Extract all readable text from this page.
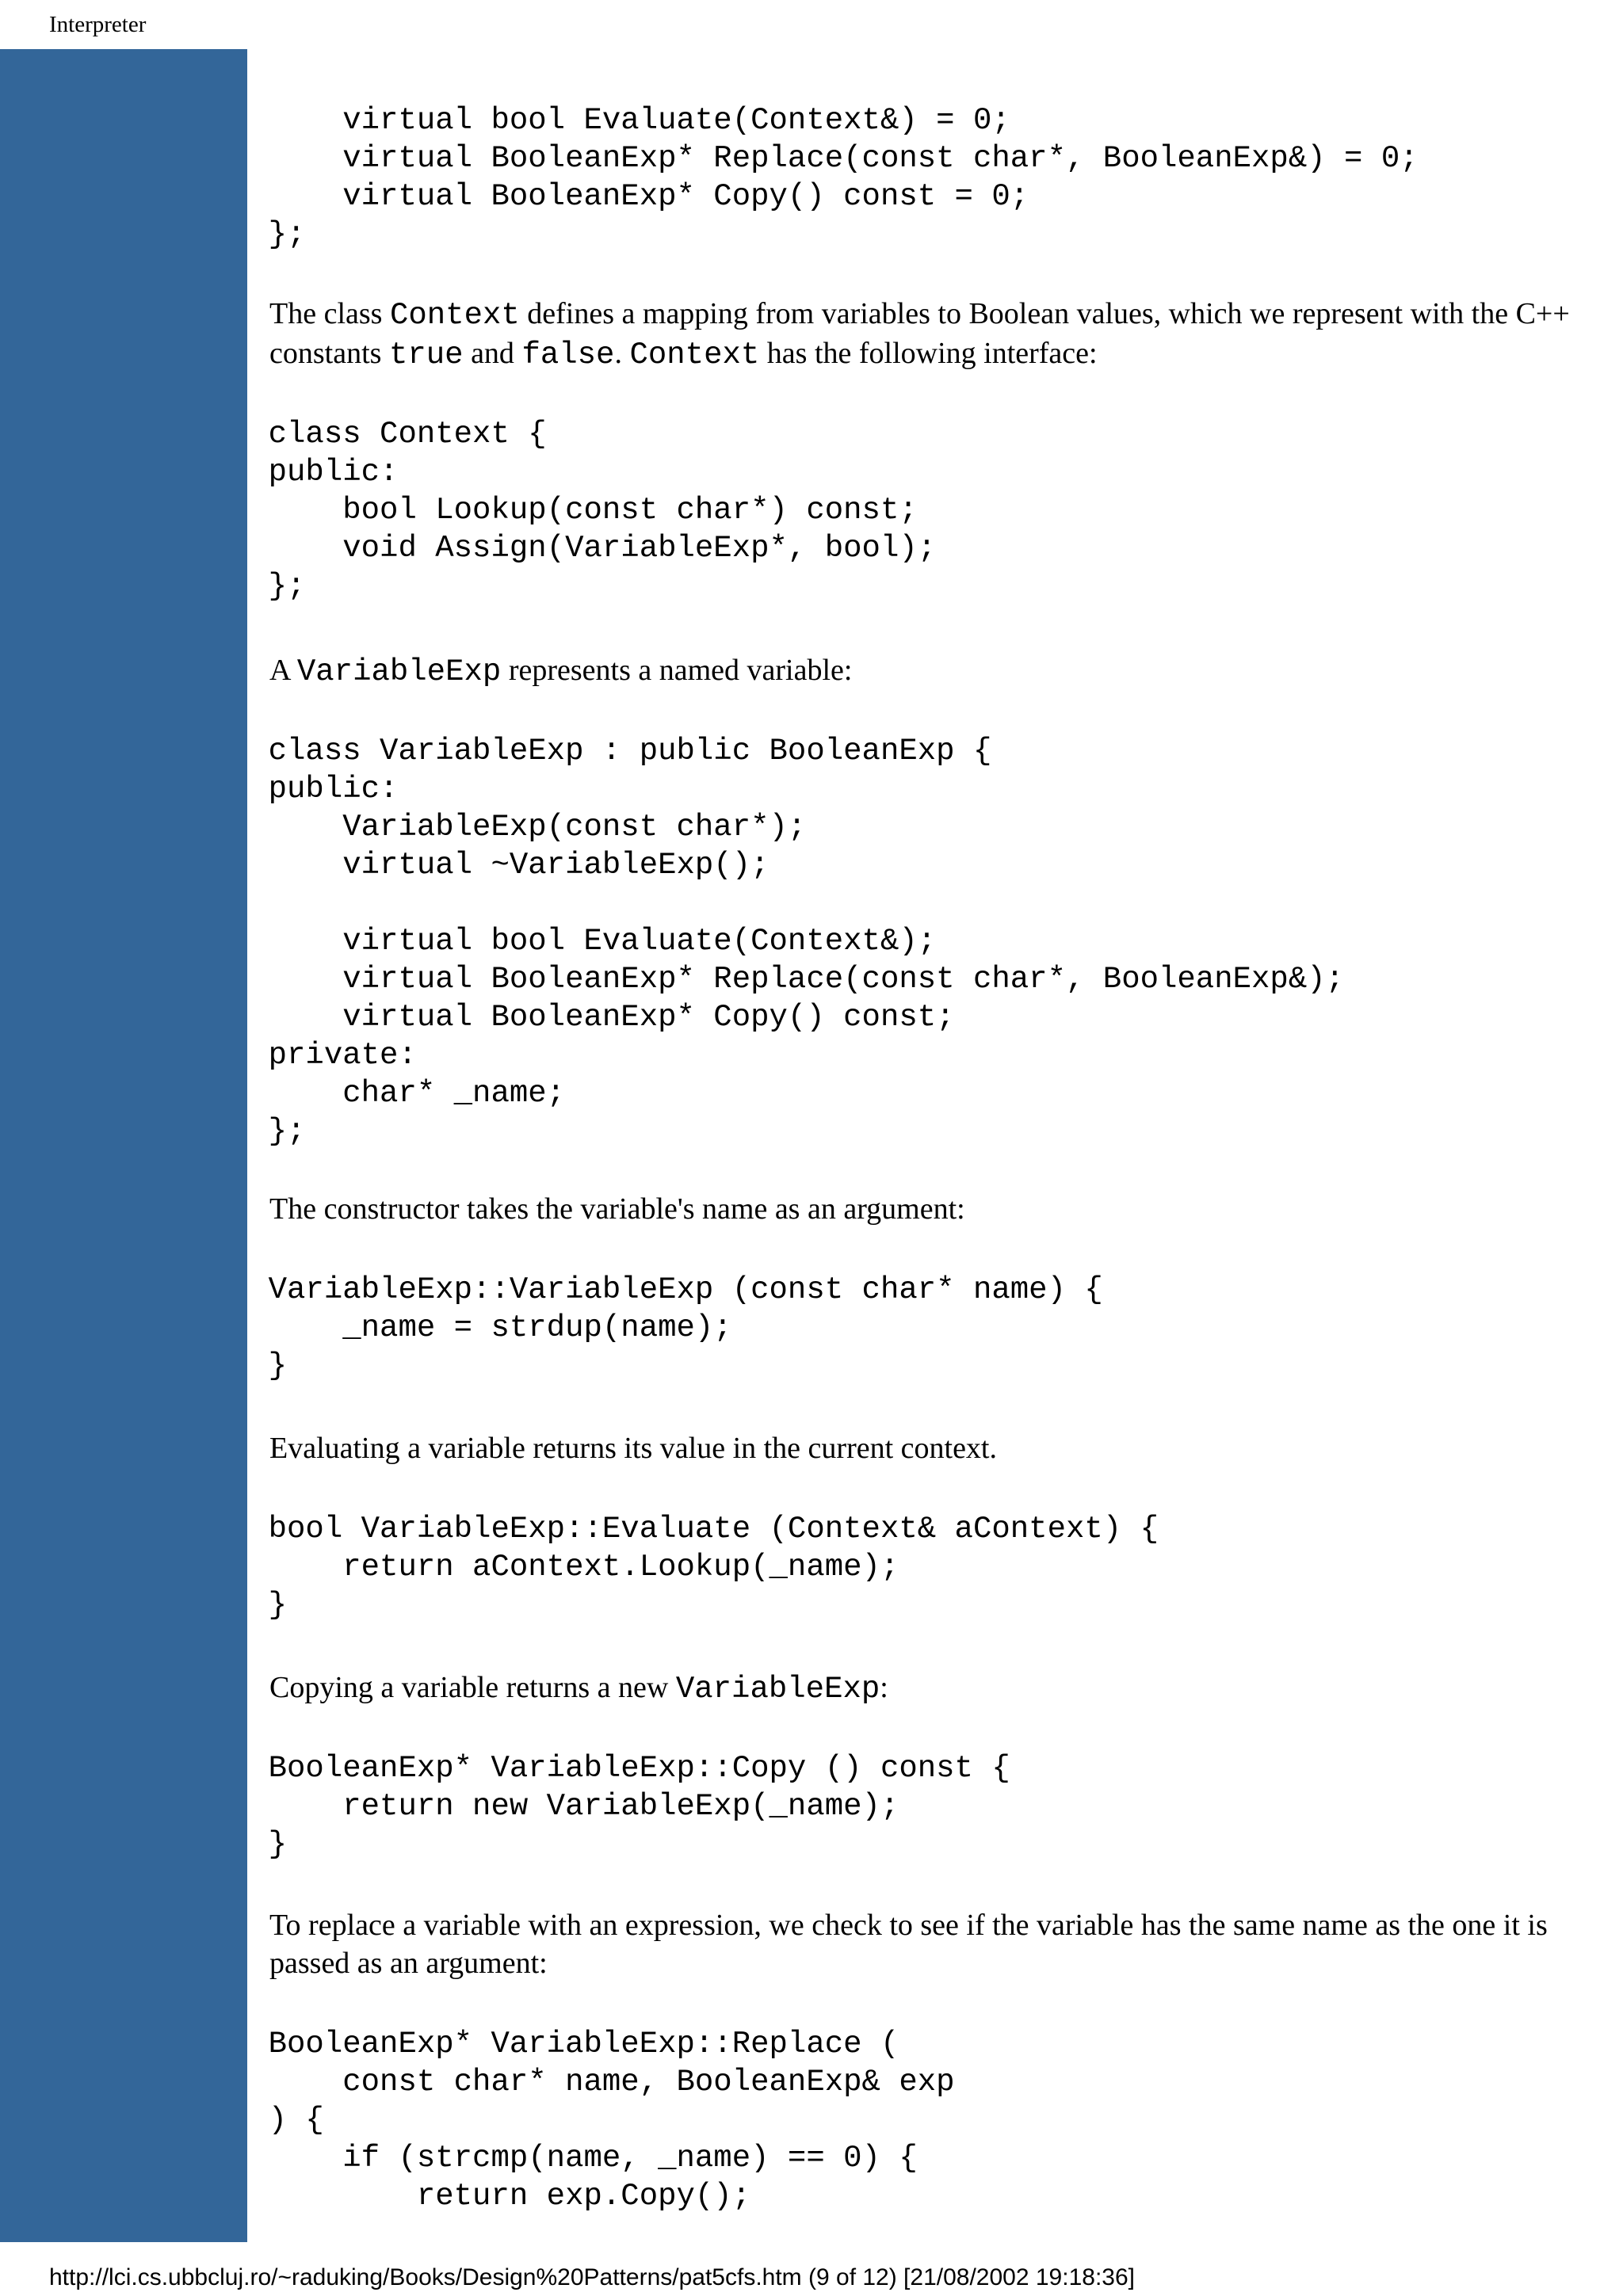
Interpreter
virtual bool Evaluate(Context&) = 0;
virtual BooleanExp* Replace(const char*, BooleanExp&) = 0;
virtual BooleanExp* Copy() const = 0;
};

The class Context defines a mapping from variables to Boolean values, which we represent with the C++ constants true and false. Context has the following interface:

class Context {
public:
bool Lookup(const char*) const;
void Assign(VariableExp*, bool);
};

A VariableExp represents a named variable:

class VariableExp : public BooleanExp {
public:
VariableExp(const char*);
virtual ~VariableExp();
virtual bool Evaluate(Context&);
virtual BooleanExp* Replace(const char*, BooleanExp&);
virtual BooleanExp* Copy() const;
private:
char* _name;
};

The constructor takes the variable's name as an argument:

VariableExp::VariableExp (const char* name) {
_name = strdup(name);
}

Evaluating a variable returns its value in the current context.

bool VariableExp::Evaluate (Context& aContext) {
return aContext.Lookup(_name);
}

Copying a variable returns a new VariableExp:

BooleanExp* VariableExp::Copy () const {
return new VariableExp(_name);
}

To replace a variable with an expression, we check to see if the variable has the same name as the one it is passed as an argument:

BooleanExp* VariableExp::Replace (
const char* name, BooleanExp& exp
) {
if (strcmp(name, _name) == 0) {
return exp.Copy();
http://lci.cs.ubbcluj.ro/~raduking/Books/Design%20Patterns/pat5cfs.htm (9 of 12) [21/08/2002 19:18:36]
